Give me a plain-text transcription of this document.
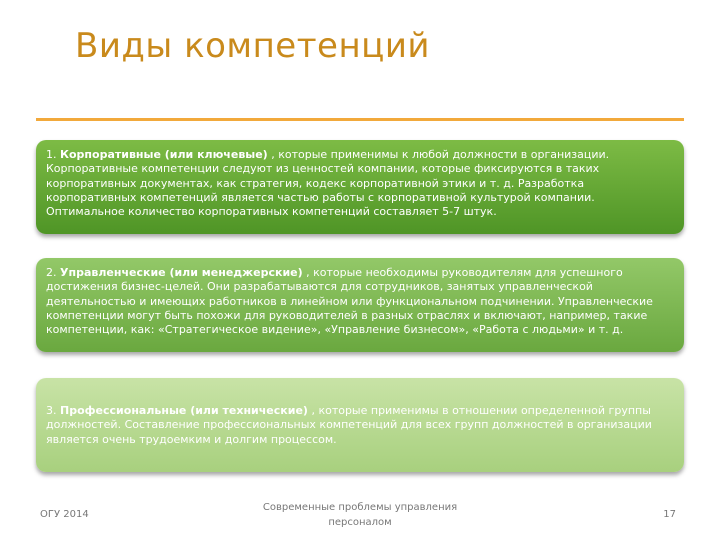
Виды компетенций
1. Корпоративные (или ключевые) , которые применимы к любой должности в организации. Корпоративные компетенции следуют из ценностей компании, которые фиксируются в таких корпоративных документах, как стратегия, кодекс корпоративной этики и т. д. Разработка корпоративных компетенций является частью работы с корпоративной культурой компании. Оптимальное количество корпоративных компетенций составляет 5-7 штук.
2. Управленческие (или менеджерские) , которые необходимы руководителям для успешного достижения бизнес-целей. Они разрабатываются для сотрудников, занятых управленческой деятельностью и имеющих работников в линейном или функциональном подчинении. Управленческие компетенции могут быть похожи для руководителей в разных отраслях и включают, например, такие компетенции, как: «Стратегическое видение», «Управление бизнесом», «Работа с людьми» и т. д.
3. Профессиональные (или технические) , которые применимы в отношении определенной группы должностей. Составление профессиональных компетенций для всех групп должностей в организации является очень трудоемким и долгим процессом.
ОГУ 2014
Современные проблемы управления персоналом
17
